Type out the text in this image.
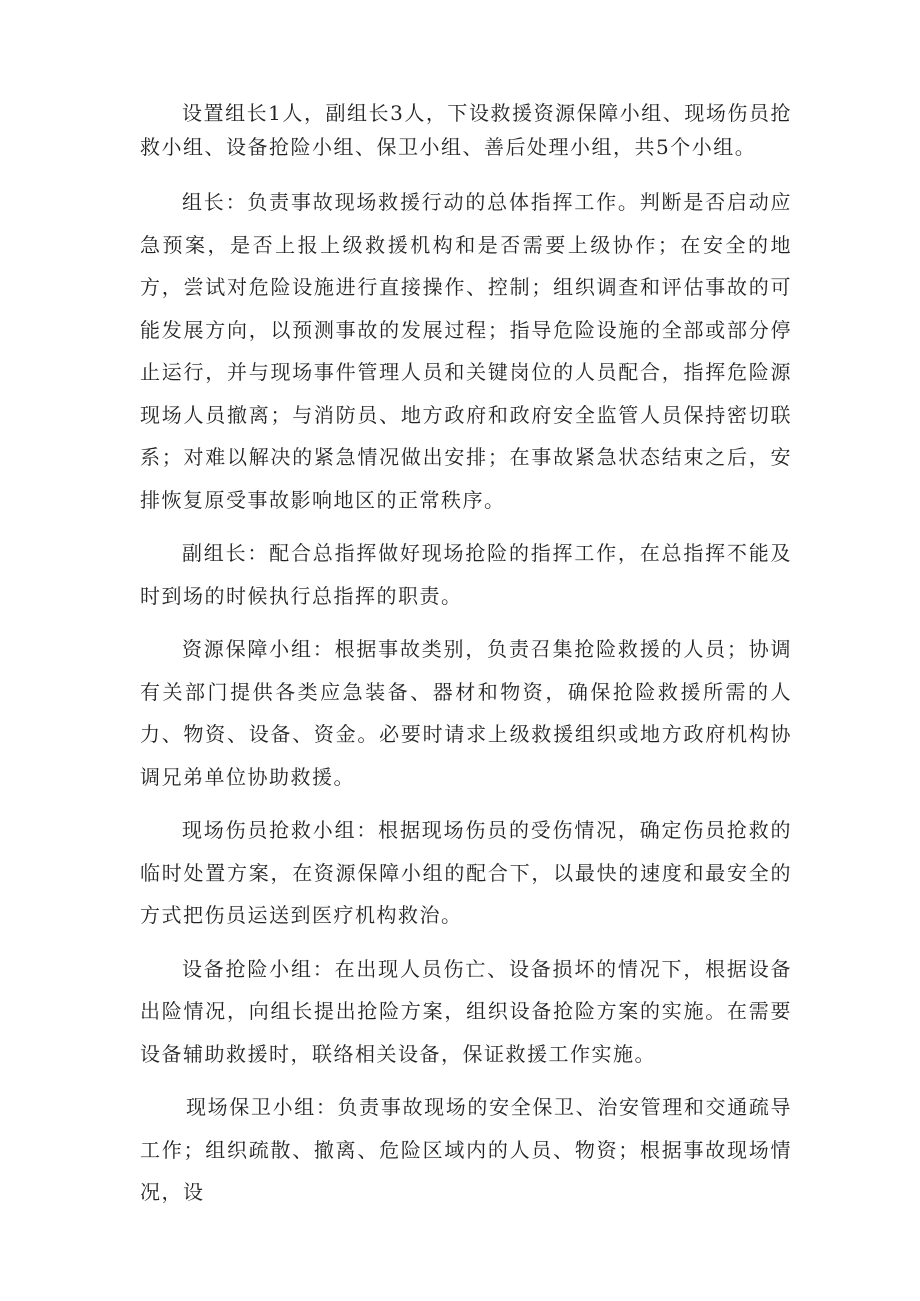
设置组长1人，副组长3人，下设救援资源保障小组、现场伤员抢救小组、设备抢险小组、保卫小组、善后处理小组，共5个小组。

组长：负责事故现场救援行动的总体指挥工作。判断是否启动应急预案，是否上报上级救援机构和是否需要上级协作；在安全的地方，尝试对危险设施进行直接操作、控制；组织调查和评估事故的可能发展方向，以预测事故的发展过程；指导危险设施的全部或部分停止运行，并与现场事件管理人员和关键岗位的人员配合，指挥危险源现场人员撤离；与消防员、地方政府和政府安全监管人员保持密切联系；对难以解决的紧急情况做出安排；在事故紧急状态结束之后，安排恢复原受事故影响地区的正常秩序。

副组长：配合总指挥做好现场抢险的指挥工作，在总指挥不能及时到场的时候执行总指挥的职责。

资源保障小组：根据事故类别，负责召集抢险救援的人员；协调有关部门提供各类应急装备、器材和物资，确保抢险救援所需的人力、物资、设备、资金。必要时请求上级救援组织或地方政府机构协调兄弟单位协助救援。

现场伤员抢救小组：根据现场伤员的受伤情况，确定伤员抢救的临时处置方案，在资源保障小组的配合下，以最快的速度和最安全的方式把伤员运送到医疗机构救治。

设备抢险小组：在出现人员伤亡、设备损坏的情况下，根据设备出险情况，向组长提出抢险方案，组织设备抢险方案的实施。在需要设备辅助救援时，联络相关设备，保证救援工作实施。

现场保卫小组：负责事故现场的安全保卫、治安管理和交通疏导工作；组织疏散、撤离、危险区域内的人员、物资；根据事故现场情况，设
